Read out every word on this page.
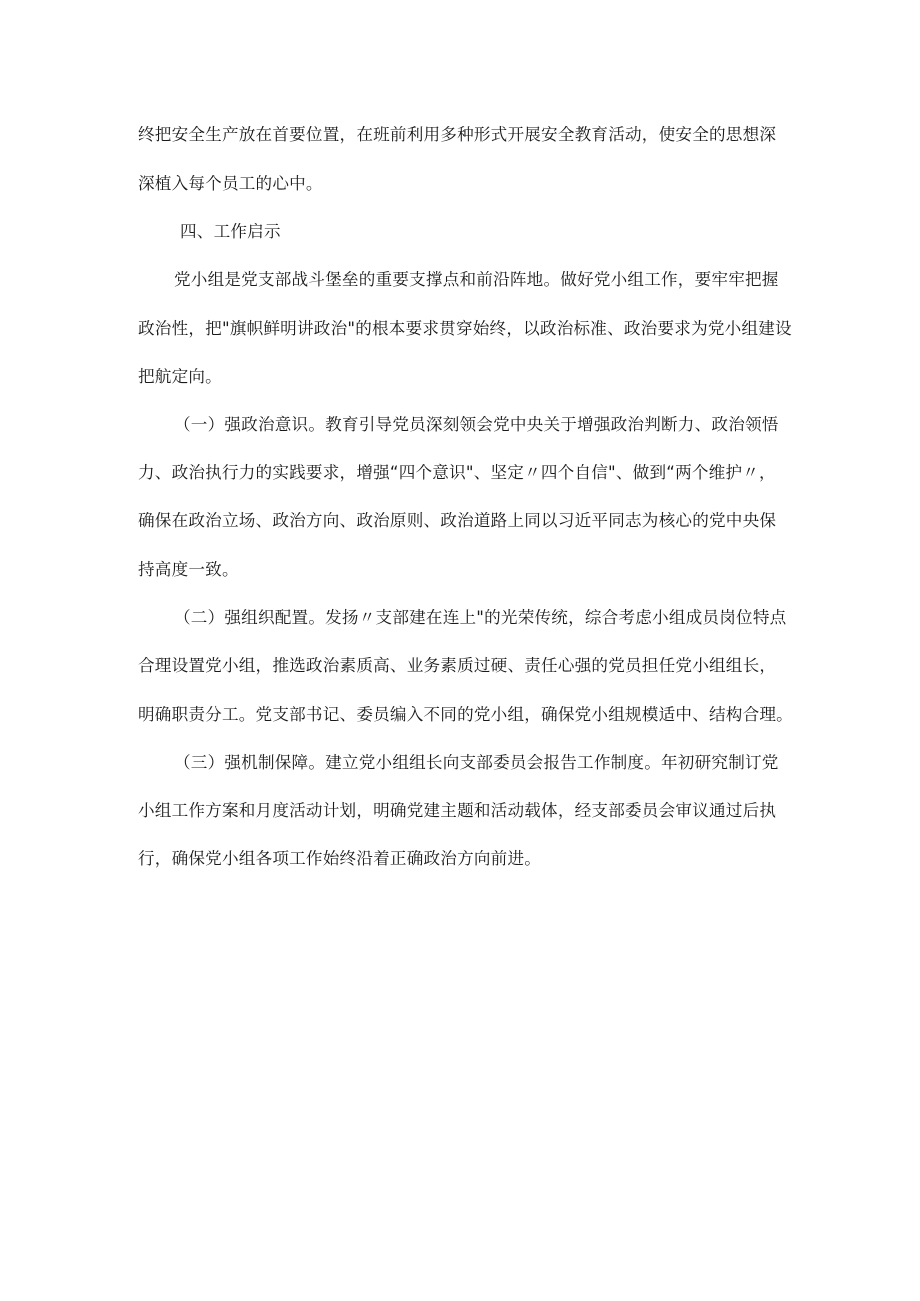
终把安全生产放在首要位置，在班前利用多种形式开展安全教育活动，使安全的思想深
深植入每个员工的心中。
四、工作启示
党小组是党支部战斗堡垒的重要支撑点和前沿阵地。做好党小组工作，要牢牢把握
政治性，把"旗帜鲜明讲政治"的根本要求贯穿始终，以政治标准、政治要求为党小组建设
把航定向。
（一）强政治意识。教育引导党员深刻领会党中央关于增强政治判断力、政治领悟
力、政治执行力的实践要求，增强“四个意识"、坚定〃四个自信"、做到“两个维护〃，
确保在政治立场、政治方向、政治原则、政治道路上同以习近平同志为核心的党中央保
持高度一致。
（二）强组织配置。发扬〃支部建在连上"的光荣传统，综合考虑小组成员岗位特点
合理设置党小组，推选政治素质高、业务素质过硬、责任心强的党员担任党小组组长，
明确职责分工。党支部书记、委员编入不同的党小组，确保党小组规模适中、结构合理。
（三）强机制保障。建立党小组组长向支部委员会报告工作制度。年初研究制订党
小组工作方案和月度活动计划，明确党建主题和活动载体，经支部委员会审议通过后执
行，确保党小组各项工作始终沿着正确政治方向前进。
